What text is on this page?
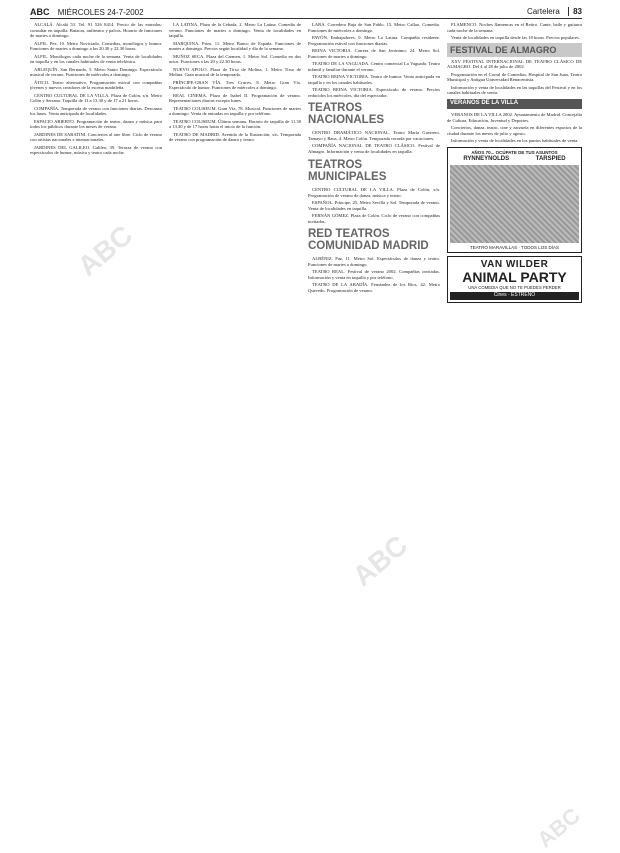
ABC MIÉRCOLES 24-7-2002	Cartelera 83

ALCALÁ. Alcalá 53. Tel. 91 526 8414. Precio de las entradas: consultar en taquilla. Butacas, anfiteatro y palcos. Horario de funciones de martes a domingo.

ALFIL. Pez, 10. Metro Noviciado. Comedias, monólogos y humor. Funciones de martes a domingo a las 20.30 y 22.30 horas.

ALFIL. Monólogos cada noche de la semana. Venta de localidades en taquilla y en los canales habituales de venta telefónica.

ARLEQUÍN. San Bernardo, 5. Metro Santo Domingo. Espectáculo musical de verano. Funciones de miércoles a domingo.

ÁTICO. Teatro alternativo. Programación estival con compañías jóvenes y nuevos creadores de la escena madrileña.

CENTRO CULTURAL DE LA VILLA. Plaza de Colón, s/n. Metro Colón y Serrano. Taquilla de 11 a 13.30 y de 17 a 21 horas.

COMPAÑÍA. Temporada de verano con funciones diarias. Descanso los lunes. Venta anticipada de localidades.

ESPACIO ABIERTO. Programación de teatro, danza y música para todos los públicos durante los meses de verano.

JARDINES DE SABATINI. Conciertos al aire libre. Ciclo de verano con artistas nacionales e internacionales.

JARDINES DEL GALILEO. Galileo, 39. Terraza de verano con espectáculos de humor, música y teatro cada noche.

LA LATINA. Plaza de la Cebada, 2. Metro La Latina. Comedia de verano. Funciones de martes a domingo. Venta de localidades en taquilla.

MARQUINA. Prim, 11. Metro Banco de España. Funciones de martes a domingo. Precios según localidad y día de la semana.

MUÑOZ SECA. Plaza del Carmen, 1. Metro Sol. Comedia en dos actos. Funciones a las 20 y 22.30 horas.

NUEVO APOLO. Plaza de Tirso de Molina, 1. Metro Tirso de Molina. Gran musical de la temporada.

PRÍNCIPE-GRAN VÍA. Tres Cruces, 8. Metro Gran Vía. Espectáculo de humor. Funciones de miércoles a domingo.

REAL CINEMA. Plaza de Isabel II. Programación de verano. Representaciones diarias excepto lunes.

TEATRO COLISEUM. Gran Vía, 78. Musical. Funciones de martes a domingo. Venta de entradas en taquilla y por teléfono.

TEATRO COLISEUM. Última semana. Horario de taquilla de 11.30 a 13.30 y de 17 horas hasta el inicio de la función.

TEATRO DE MADRID. Avenida de la Ilustración, s/n. Temporada de verano con programación de danza y teatro.

LARA. Corredera Baja de San Pablo, 15. Metro Callao. Comedia. Funciones de miércoles a domingo.

PAVÓN. Embajadores, 9. Metro La Latina. Compañía residente. Programación estival con funciones diarias.

REINA VICTORIA. Carrera de San Jerónimo, 24. Metro Sol. Funciones de martes a domingo.

TEATRO DE LA VAGUADA. Centro comercial La Vaguada. Teatro infantil y familiar durante el verano.

TEATRO REINA VICTORIA. Teatro de humor. Venta anticipada en taquilla y en los canales habituales.

TEATRO REINA VICTORIA. Espectáculo de verano. Precios reducidos los miércoles, día del espectador.

TEATROS NACIONALES

CENTRO DRAMÁTICO NACIONAL. Teatro María Guerrero. Tamayo y Baus, 4. Metro Colón. Temporada cerrada por vacaciones.

COMPAÑÍA NACIONAL DE TEATRO CLÁSICO. Festival de Almagro. Información y venta de localidades en taquilla.

TEATROS MUNICIPALES

CENTRO CULTURAL DE LA VILLA. Plaza de Colón, s/n. Programación de verano de danza, música y teatro.

ESPAÑOL. Príncipe, 25. Metro Sevilla y Sol. Temporada de verano. Venta de localidades en taquilla.

FERNÁN GÓMEZ. Plaza de Colón. Ciclo de verano con compañías invitadas.

RED TEATROS COMUNIDAD MADRID

ALBÉNIZ. Paz, 11. Metro Sol. Espectáculos de danza y teatro. Funciones de martes a domingo.

TEATRO REAL. Festival de verano 2002. Compañías invitadas. Información y venta en taquilla y por teléfono.

TEATRO DE LA ABADÍA. Fernández de los Ríos, 42. Metro Quevedo. Programación de verano.

FLAMENCO. Noches flamencas en el Retiro. Cante, baile y guitarra cada noche de la semana.

Venta de localidades en taquilla desde las 18 horas. Precios populares.

FESTIVAL DE ALMAGRO

XXV FESTIVAL INTERNACIONAL DE TEATRO CLÁSICO DE ALMAGRO. Del 4 al 28 de julio de 2002.

Programación en el Corral de Comedias, Hospital de San Juan, Teatro Municipal y Antigua Universidad Renacentista.

Información y venta de localidades en las taquillas del Festival y en los canales habituales de venta.

VERANOS DE LA VILLA

VERANOS DE LA VILLA 2002. Ayuntamiento de Madrid. Concejalía de Cultura, Educación, Juventud y Deportes.

Conciertos, danza, teatro, cine y zarzuela en diferentes espacios de la ciudad durante los meses de julio y agosto.

Información y venta de localidades en los puntos habituales de venta.

AÑOS 70... OCÚPATE DE TUS ASUNTOS
RYNNEYNOLDS	TARSPIED
TEATRO MARAVILLAS · TODOS LOS DÍAS
VAN WILDER
ANIMAL PARTY
UNA COMEDIA QUE NO TE PUEDES PERDER
Cines · ESTRENO
ABC
ABC
ABC
